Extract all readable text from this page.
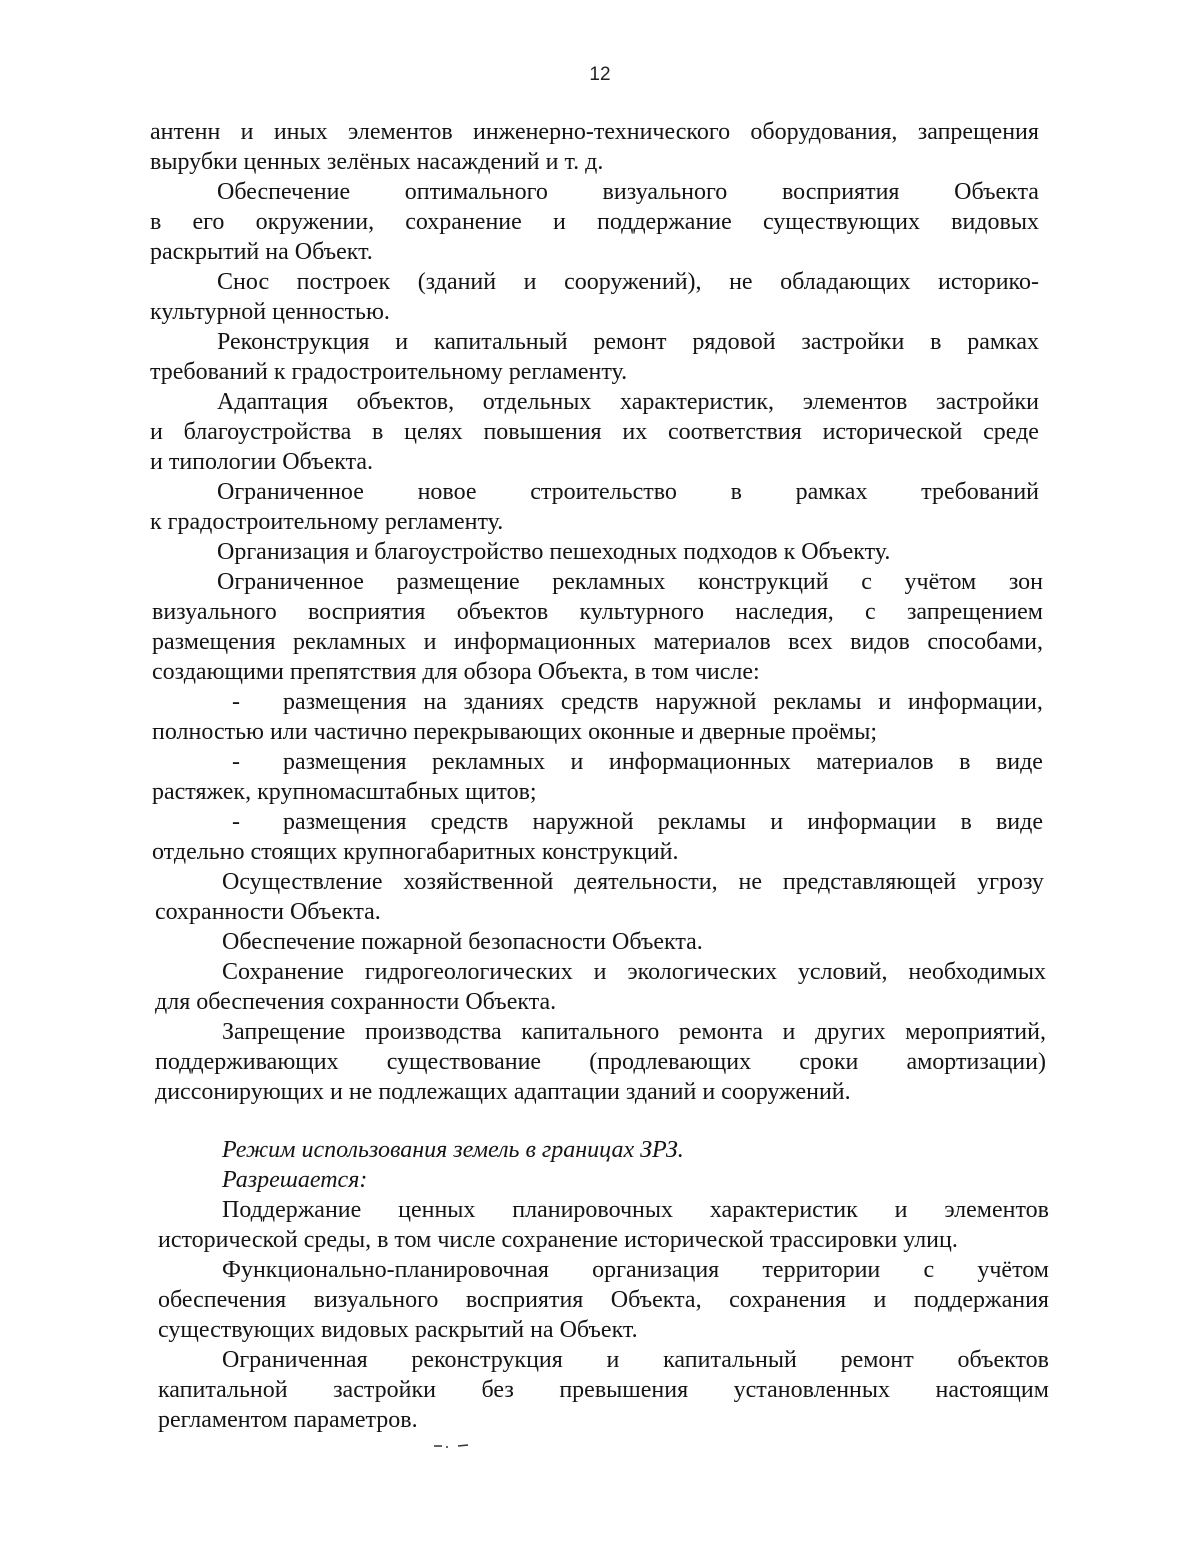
12
антенн и иных элементов инженерно-технического оборудования, запрещения
вырубки ценных зелёных насаждений и т. д.
Обеспечение оптимального визуального восприятия Объекта
в его окружении, сохранение и поддержание существующих видовых
раскрытий на Объект.
Снос построек (зданий и сооружений), не обладающих историко-
культурной ценностью.
Реконструкция и капитальный ремонт рядовой застройки в рамках
требований к градостроительному регламенту.
Адаптация объектов, отдельных характеристик, элементов застройки
и благоустройства в целях повышения их соответствия исторической среде
и типологии Объекта.
Ограниченное новое строительство в рамках требований
к градостроительному регламенту.
Организация и благоустройство пешеходных подходов к Объекту.
Ограниченное размещение рекламных конструкций с учётом зон
визуального восприятия объектов культурного наследия, с запрещением
размещения рекламных и информационных материалов всех видов способами,
создающими препятствия для обзора Объекта, в том числе:
- размещения на зданиях средств наружной рекламы и информации,
полностью или частично перекрывающих оконные и дверные проёмы;
- размещения рекламных и информационных материалов в виде
растяжек, крупномасштабных щитов;
- размещения средств наружной рекламы и информации в виде
отдельно стоящих крупногабаритных конструкций.
Осуществление хозяйственной деятельности, не представляющей угрозу
сохранности Объекта.
Обеспечение пожарной безопасности Объекта.
Сохранение гидрогеологических и экологических условий, необходимых
для обеспечения сохранности Объекта.
Запрещение производства капитального ремонта и других мероприятий,
поддерживающих существование (продлевающих сроки амортизации)
диссонирующих и не подлежащих адаптации зданий и сооружений.
Режим использования земель в границах ЗРЗ.
Разрешается:
Поддержание ценных планировочных характеристик и элементов
исторической среды, в том числе сохранение исторической трассировки улиц.
Функционально-планировочная организация территории с учётом
обеспечения визуального восприятия Объекта, сохранения и поддержания
существующих видовых раскрытий на Объект.
Ограниченная реконструкция и капитальный ремонт объектов
капитальной застройки без превышения установленных настоящим
регламентом параметров.
